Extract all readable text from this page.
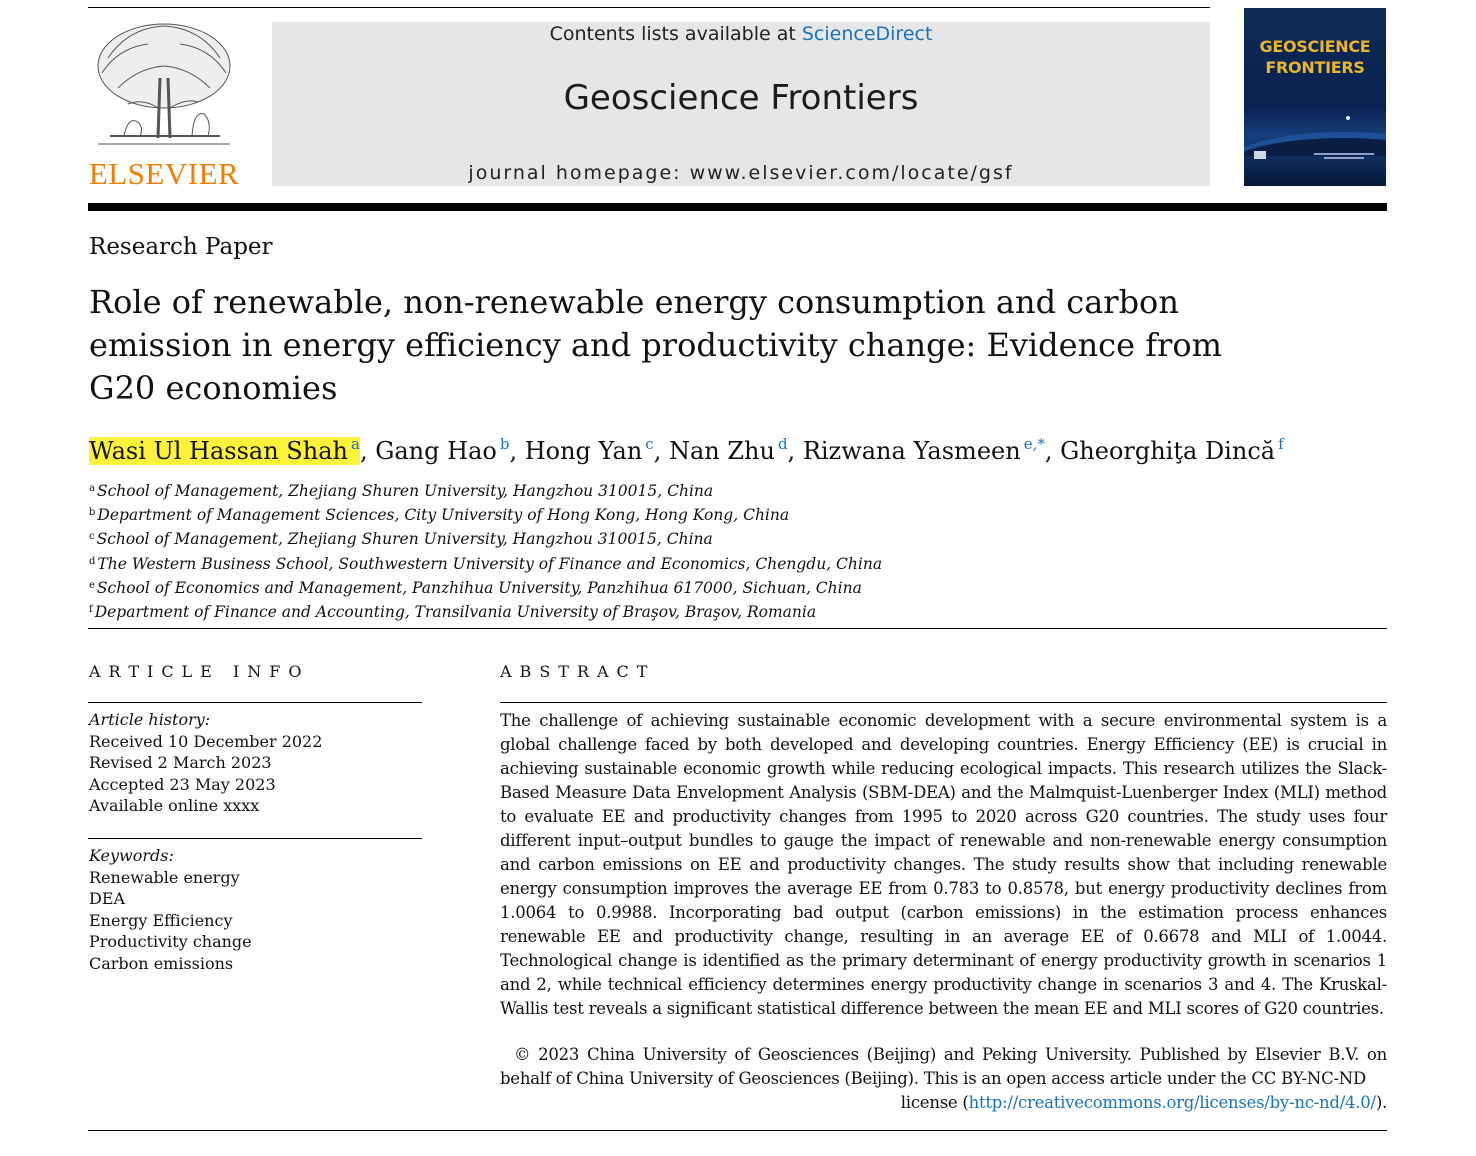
ELSEVIER
Contents lists available at ScienceDirect
Geoscience Frontiers
journal homepage: www.elsevier.com/locate/gsf
GEOSCIENCE
FRONTIERS
Research Paper
Role of renewable, non-renewable energy consumption and carbon emission in energy efficiency and productivity change: Evidence from G20 economies
Wasi Ul Hassan Shah $^a$, Gang Hao $^b$, Hong Yan $^c$, Nan Zhu $^d$, Rizwana Yasmeen $^{e,*}$, Gheorghiţa Dincă $^f$
$^a$ School of Management, Zhejiang Shuren University, Hangzhou 310015, China
$^b$ Department of Management Sciences, City University of Hong Kong, Hong Kong, China
$^c$ School of Management, Zhejiang Shuren University, Hangzhou 310015, China
$^d$ The Western Business School, Southwestern University of Finance and Economics, Chengdu, China
$^e$ School of Economics and Management, Panzhihua University, Panzhihua 617000, Sichuan, China
$^f$ Department of Finance and Accounting, Transilvania University of Braşov, Braşov, Romania
ARTICLE INFO
Article history:
Received 10 December 2022
Revised 2 March 2023
Accepted 23 May 2023
Available online xxxx
Keywords:
Renewable energy
DEA
Energy Efficiency
Productivity change
Carbon emissions
ABSTRACT

The challenge of achieving sustainable economic development with a secure environmental system is a global challenge faced by both developed and developing countries. Energy Efficiency (EE) is crucial in achieving sustainable economic growth while reducing ecological impacts. This research utilizes the Slack-Based Measure Data Envelopment Analysis (SBM-DEA) and the Malmquist-Luenberger Index (MLI) method to evaluate EE and productivity changes from 1995 to 2020 across G20 countries. The study uses four different input–output bundles to gauge the impact of renewable and non-renewable energy consumption and carbon emissions on EE and productivity changes. The study results show that including renewable energy consumption improves the average EE from 0.783 to 0.8578, but energy productivity declines from 1.0064 to 0.9988. Incorporating bad output (carbon emissions) in the estimation process enhances renewable EE and productivity change, resulting in an average EE of 0.6678 and MLI of 1.0044. Technological change is identified as the primary determinant of energy productivity growth in scenarios 1 and 2, while technical efficiency determines energy productivity change in scenarios 3 and 4. The Kruskal-Wallis test reveals a significant statistical difference between the mean EE and MLI scores of G20 countries.

© 2023 China University of Geosciences (Beijing) and Peking University. Published by Elsevier B.V. on behalf of China University of Geosciences (Beijing). This is an open access article under the CC BY-NC-ND
license (http://creativecommons.org/licenses/by-nc-nd/4.0/).
